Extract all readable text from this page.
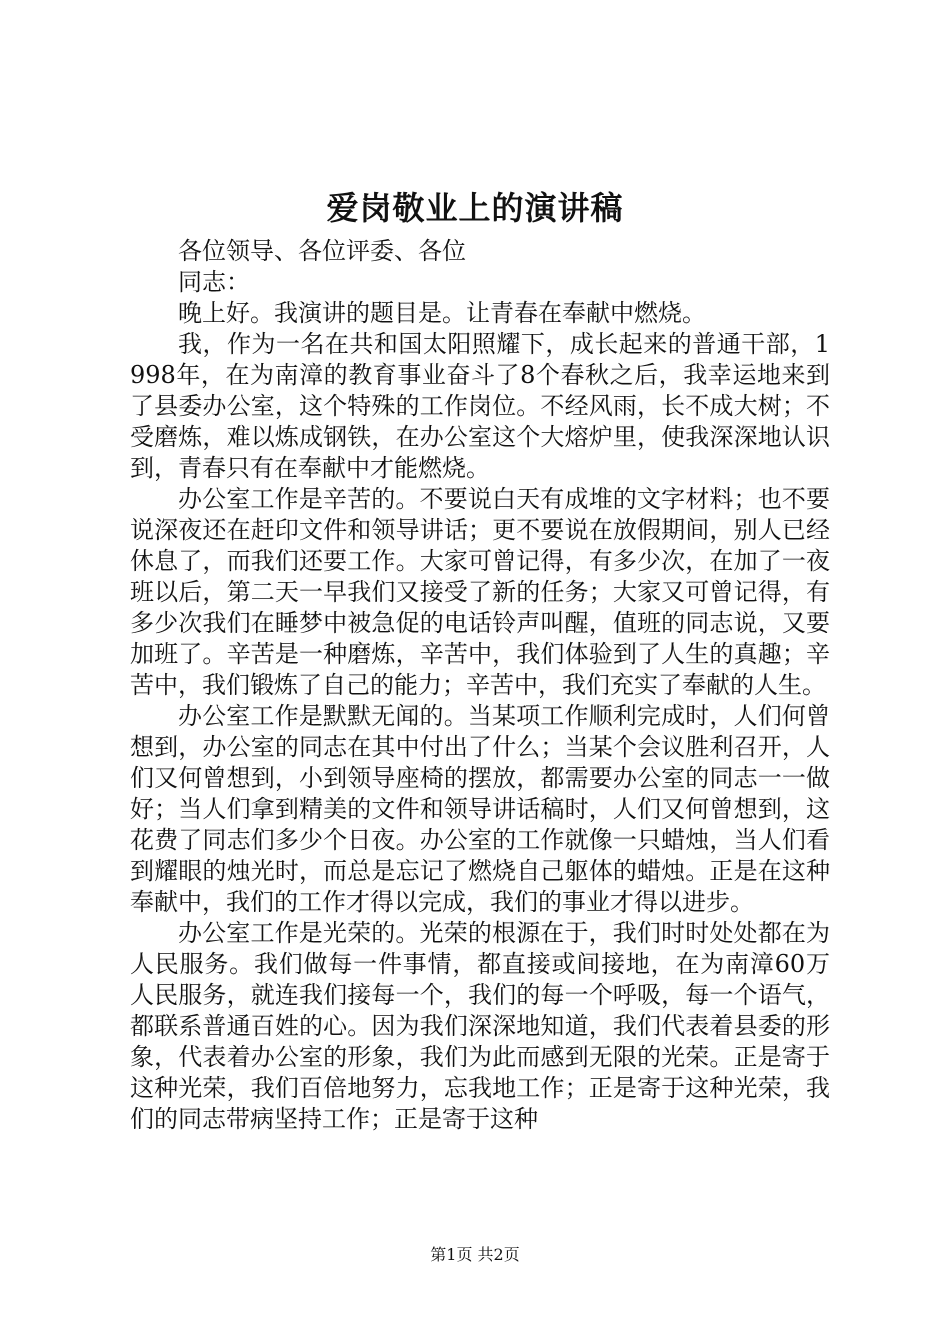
爱岗敬业上的演讲稿

各位领导、各位评委、各位

同志：

晚上好。我演讲的题目是。让青春在奉献中燃烧。

我，作为一名在共和国太阳照耀下，成长起来的普通干部，1998年，在为南漳的教育事业奋斗了8个春秋之后，我幸运地来到了县委办公室，这个特殊的工作岗位。不经风雨，长不成大树；不受磨炼，难以炼成钢铁，在办公室这个大熔炉里，使我深深地认识到，青春只有在奉献中才能燃烧。

办公室工作是辛苦的。不要说白天有成堆的文字材料；也不要说深夜还在赶印文件和领导讲话；更不要说在放假期间，别人已经休息了，而我们还要工作。大家可曾记得，有多少次，在加了一夜班以后，第二天一早我们又接受了新的任务；大家又可曾记得，有多少次我们在睡梦中被急促的电话铃声叫醒，值班的同志说，又要加班了。辛苦是一种磨炼，辛苦中，我们体验到了人生的真趣；辛苦中，我们锻炼了自己的能力；辛苦中，我们充实了奉献的人生。

办公室工作是默默无闻的。当某项工作顺利完成时，人们何曾想到，办公室的同志在其中付出了什么；当某个会议胜利召开，人们又何曾想到，小到领导座椅的摆放，都需要办公室的同志一一做好；当人们拿到精美的文件和领导讲话稿时，人们又何曾想到，这花费了同志们多少个日夜。办公室的工作就像一只蜡烛，当人们看到耀眼的烛光时，而总是忘记了燃烧自己躯体的蜡烛。正是在这种奉献中，我们的工作才得以完成，我们的事业才得以进步。

办公室工作是光荣的。光荣的根源在于，我们时时处处都在为人民服务。我们做每一件事情，都直接或间接地，在为南漳60万人民服务，就连我们接每一个，我们的每一个呼吸，每一个语气，都联系普通百姓的心。因为我们深深地知道，我们代表着县委的形象，代表着办公室的形象，我们为此而感到无限的光荣。正是寄于这种光荣，我们百倍地努力，忘我地工作；正是寄于这种光荣，我们的同志带病坚持工作；正是寄于这种

第1页 共2页
